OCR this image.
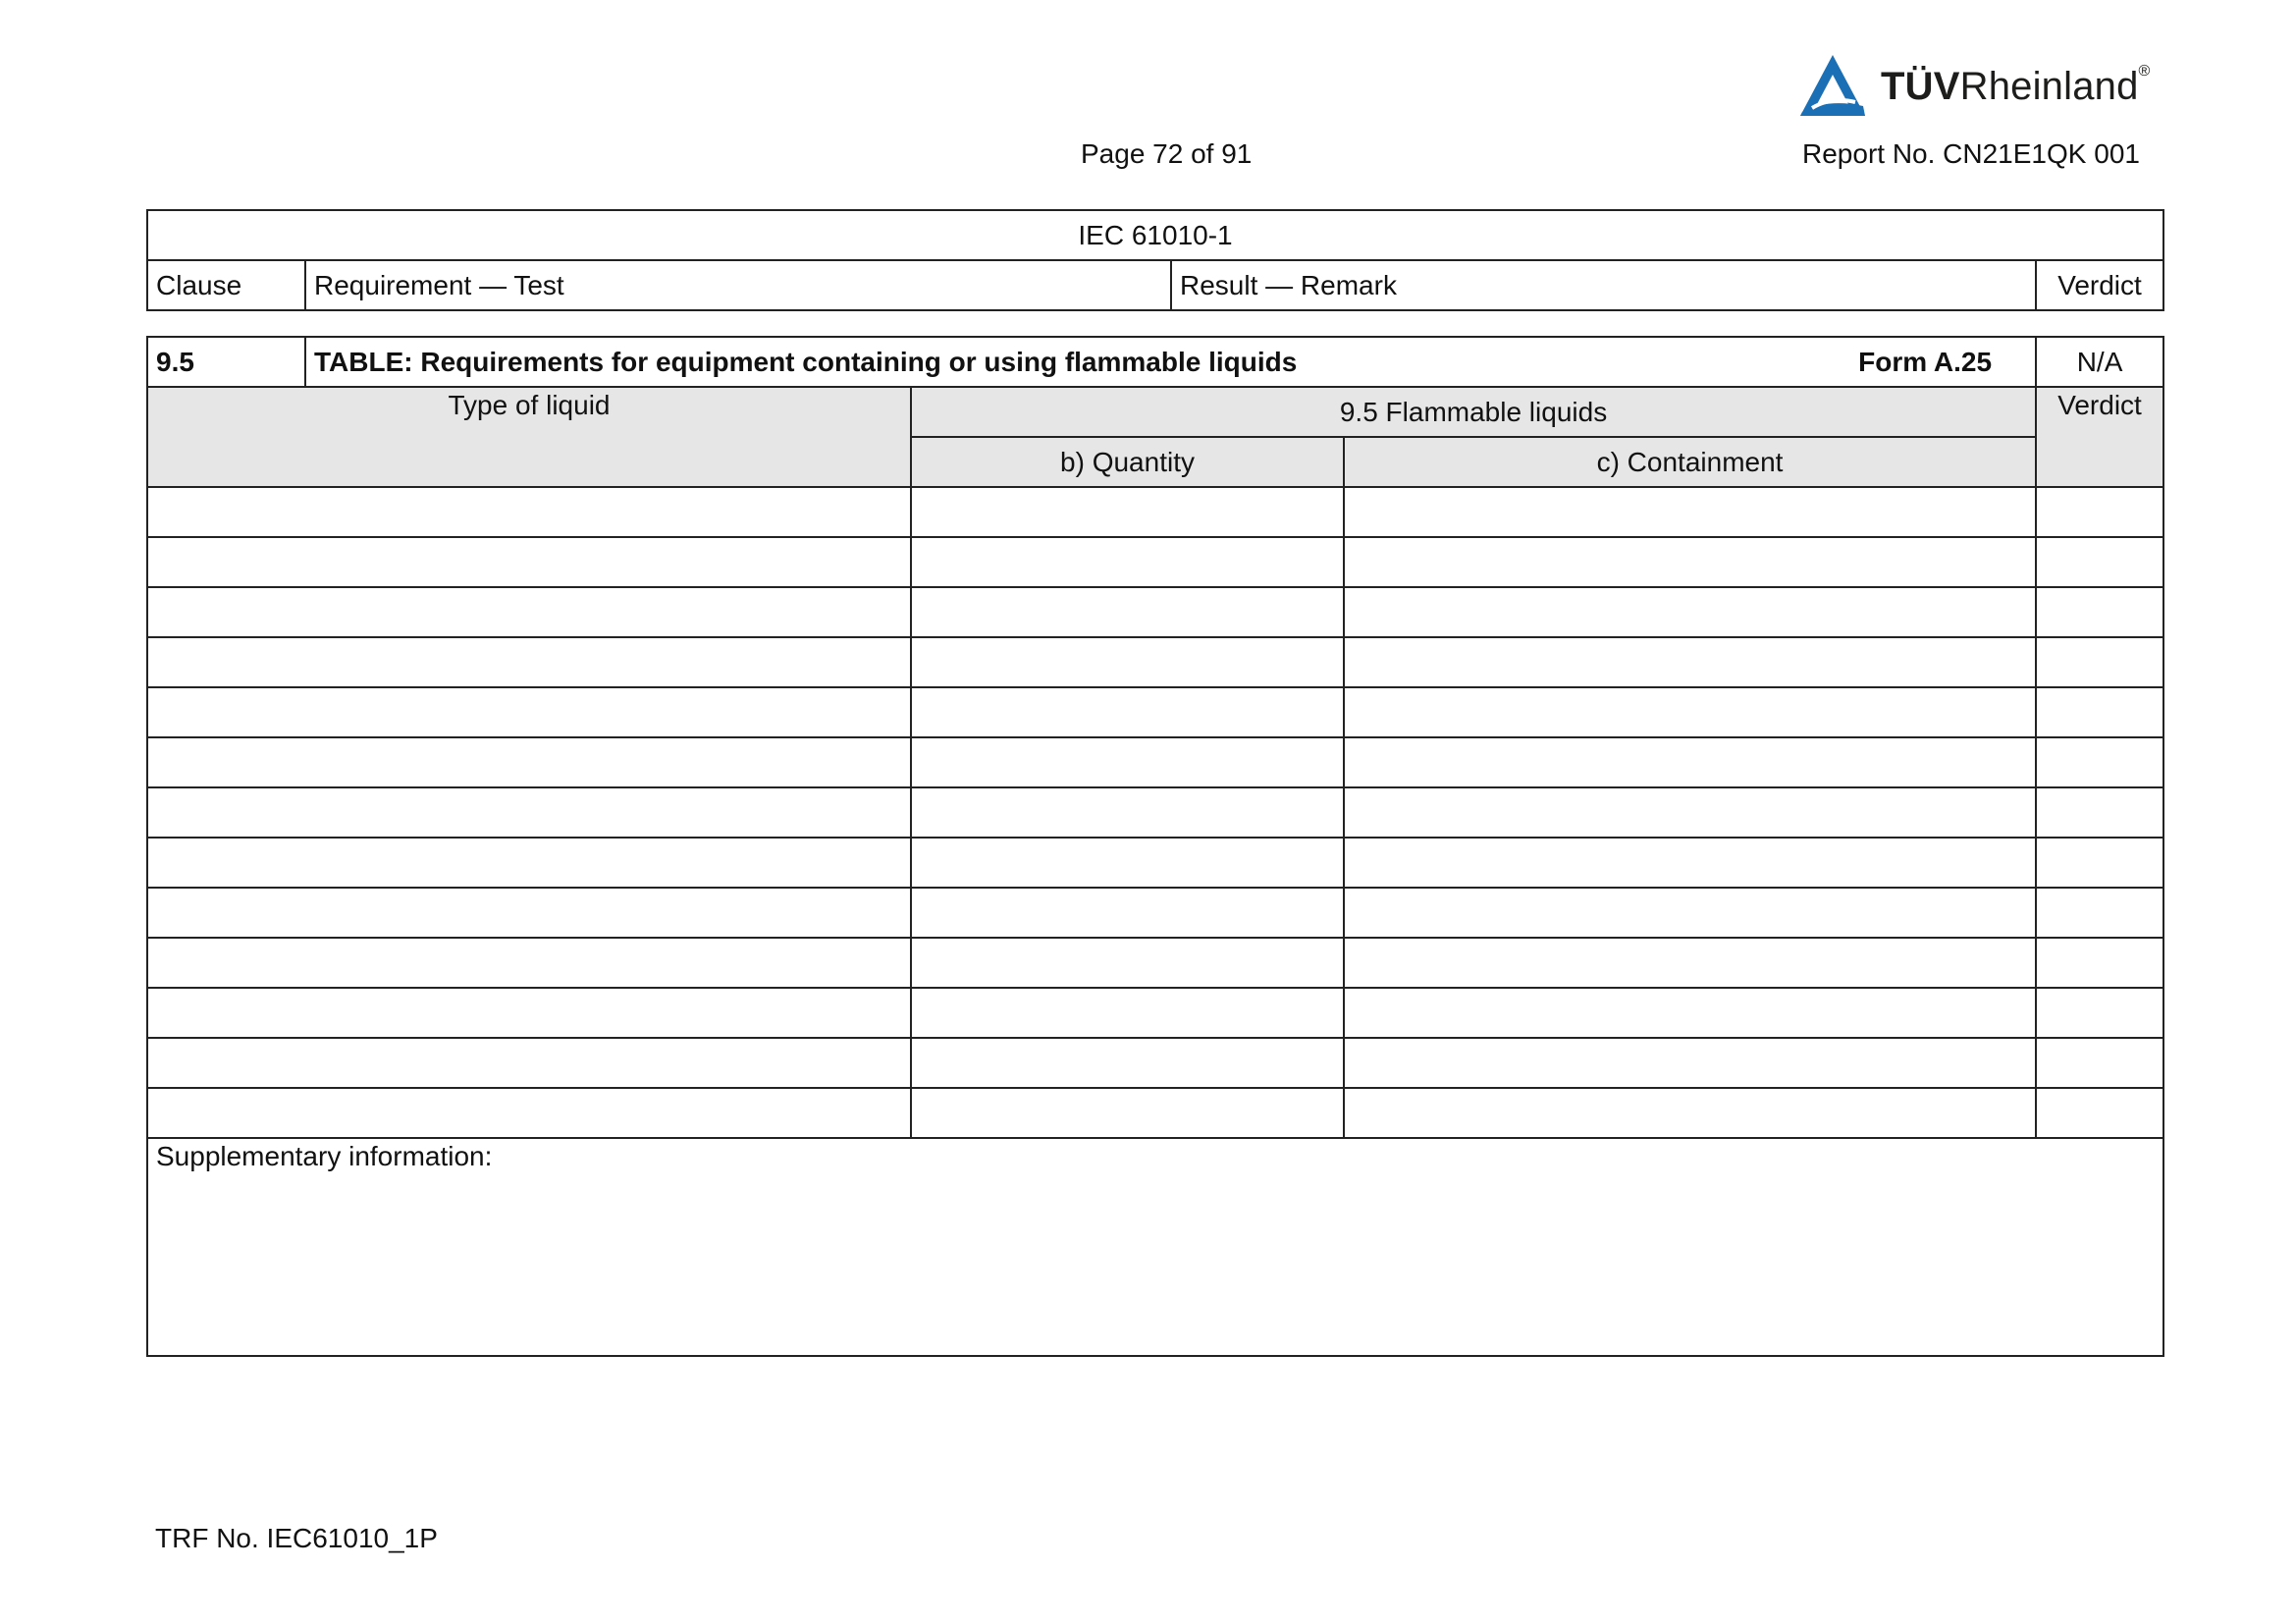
TÜVRheinland®
Page 72 of 91	Report No. CN21E1QK 001
IEC 61010-1
Clause	Requirement — Test	Result — Remark	Verdict
9.5	TABLE: Requirements for equipment containing or using flammable liquids Form A.25			N/A
Type of liquid		9.5 Flammable liquids		Verdict
		b) Quantity	c) Containment	

Supplementary information:				
TRF No. IEC61010_1P
